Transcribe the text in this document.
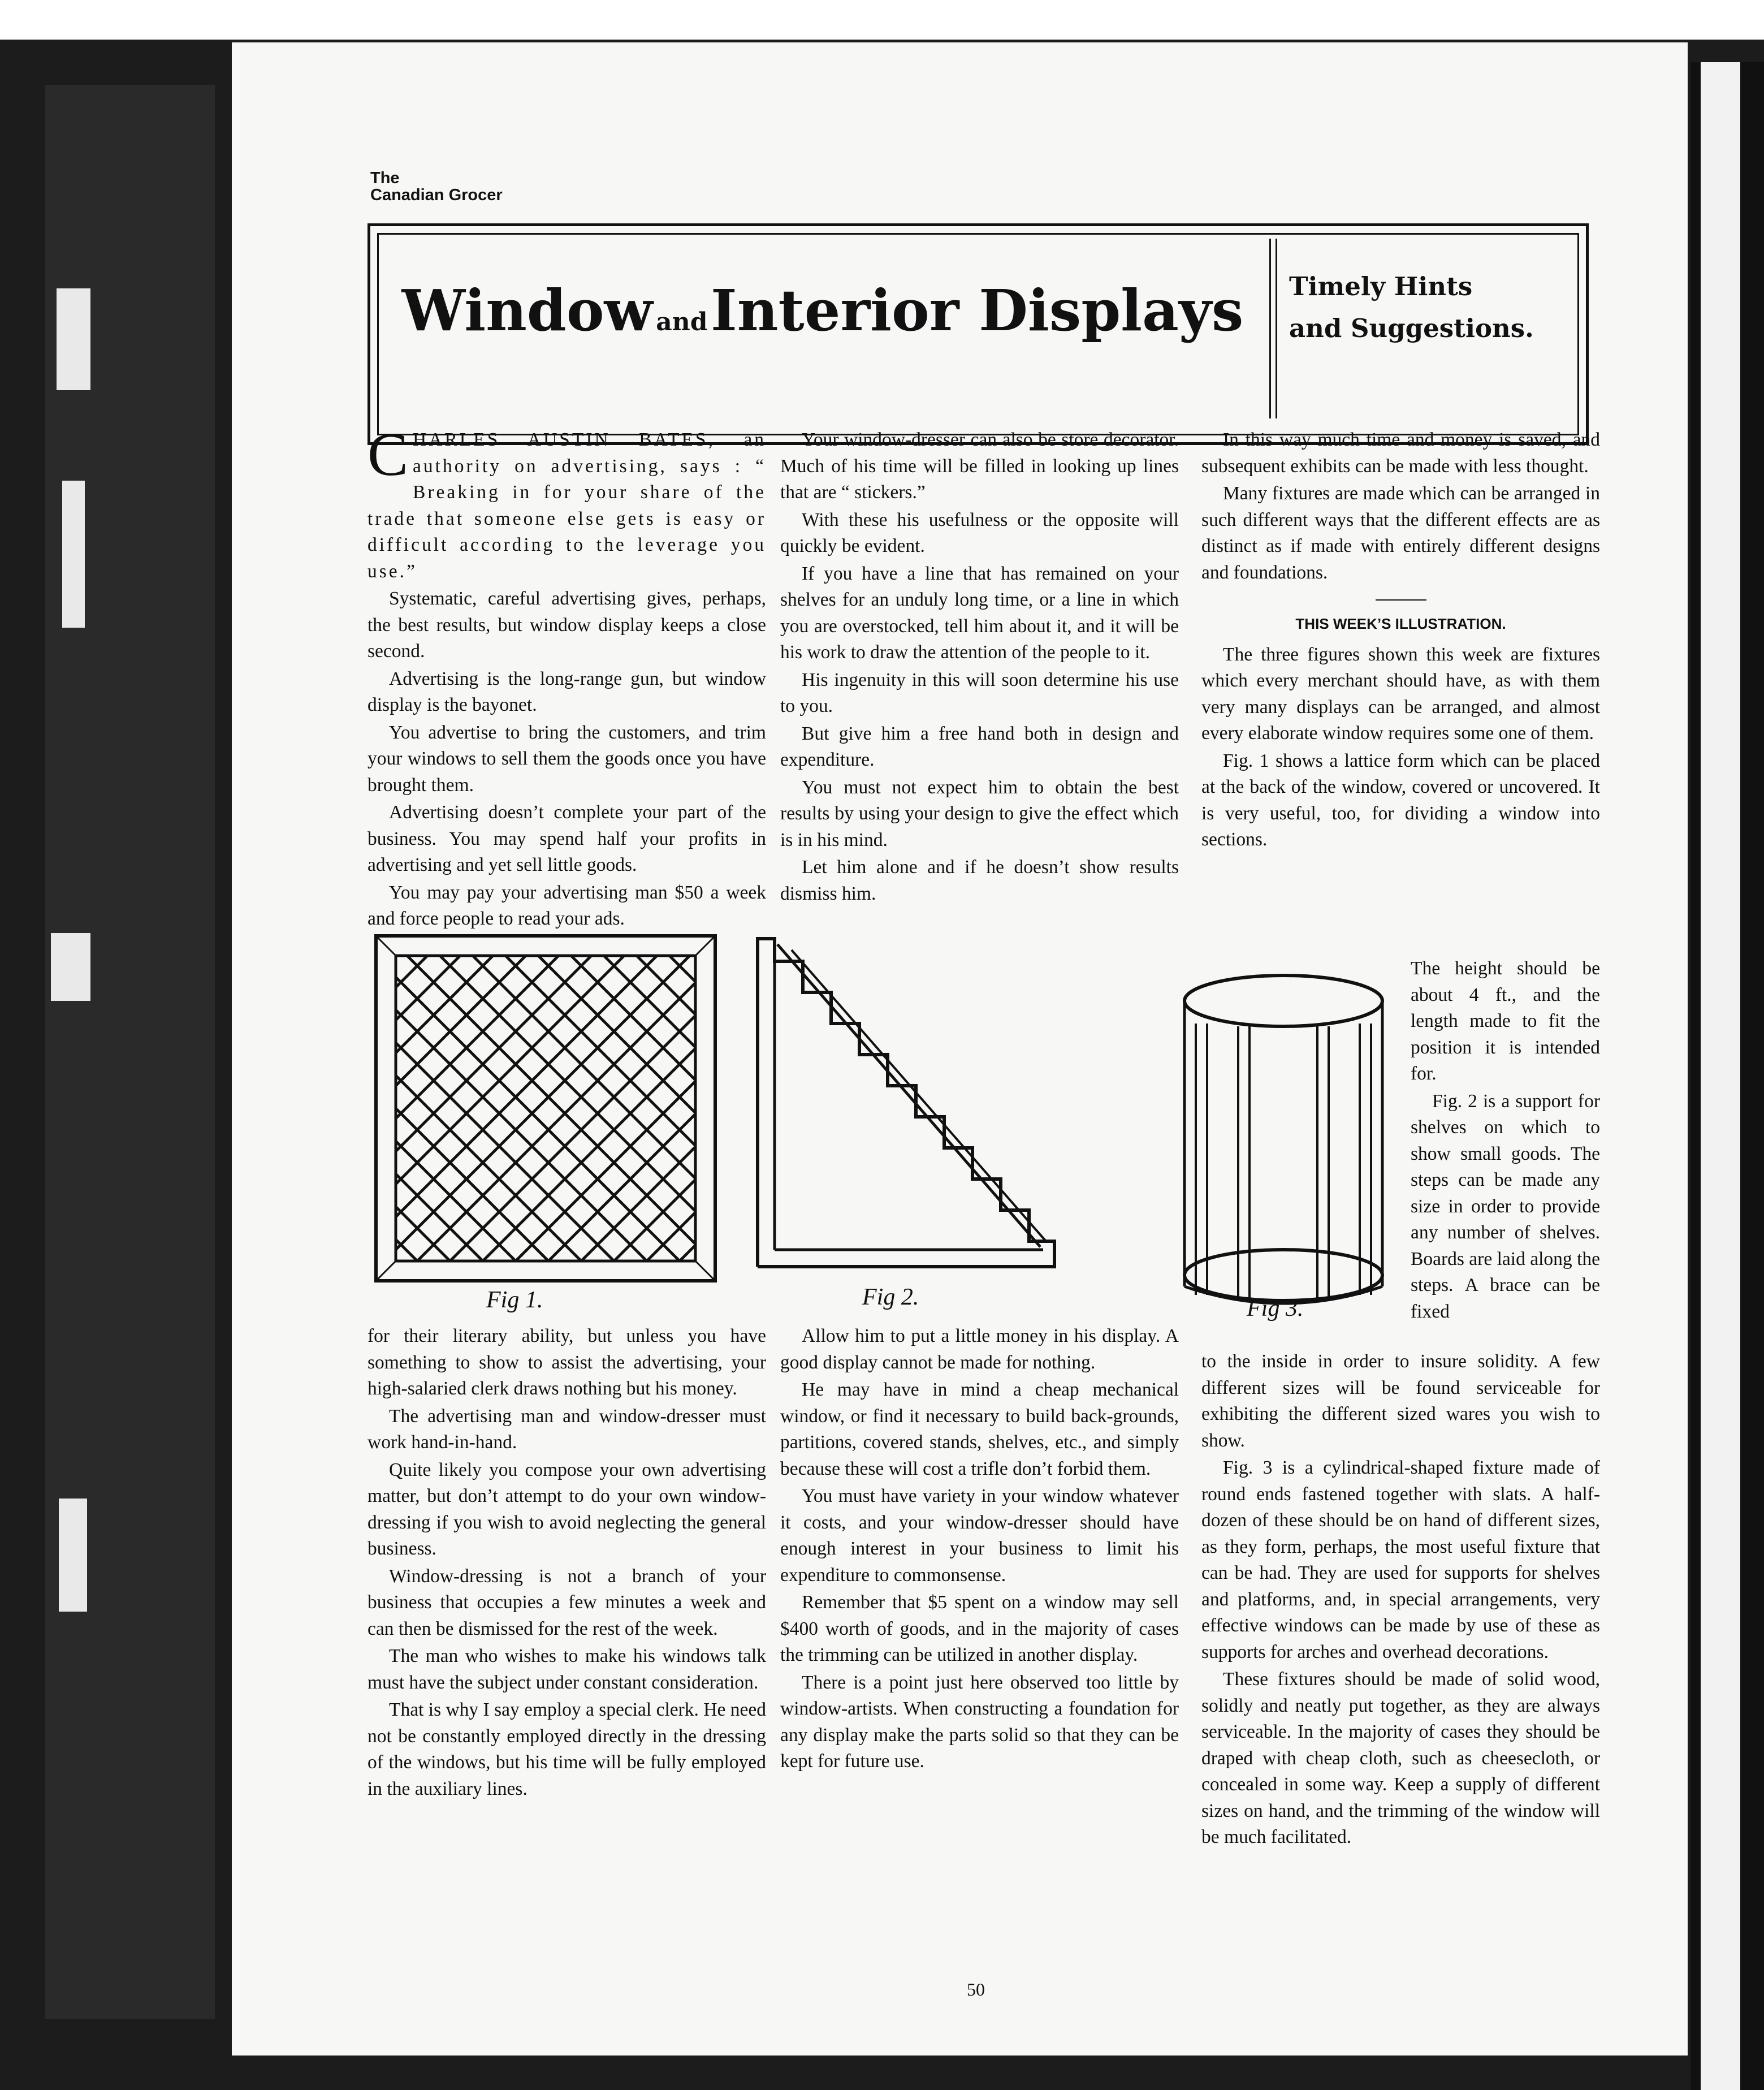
The
Canadian Grocer
Window and Interior Displays	Timely Hints
and Suggestions.

CHARLES AUSTIN BATES, an authority on advertising, says : “ Breaking in for your share of the trade that someone else gets is easy or difficult according to the leverage you use.”

Systematic, careful advertising gives, perhaps, the best results, but window display keeps a close second.

Advertising is the long-range gun, but window display is the bayonet.

You advertise to bring the customers, and trim your windows to sell them the goods once you have brought them.

Advertising doesn’t complete your part of the business. You may spend half your profits in advertising and yet sell little goods.

You may pay your advertising man $50 a week and force people to read your ads.

Your window-dresser can also be store decorator. Much of his time will be filled in looking up lines that are “ stickers.”

With these his usefulness or the opposite will quickly be evident.

If you have a line that has remained on your shelves for an unduly long time, or a line in which you are overstocked, tell him about it, and it will be his work to draw the attention of the people to it.

His ingenuity in this will soon determine his use to you.

But give him a free hand both in design and expenditure.

You must not expect him to obtain the best results by using your design to give the effect which is in his mind.

Let him alone and if he doesn’t show results dismiss him.

In this way much time and money is saved, and subsequent exhibits can be made with less thought.

Many fixtures are made which can be arranged in such different ways that the different effects are as distinct as if made with entirely different designs and foundations.

THIS WEEK’S ILLUSTRATION.

The three figures shown this week are fixtures which every merchant should have, as with them very many displays can be arranged, and almost every elaborate window requires some one of them.

Fig. 1 shows a lattice form which can be placed at the back of the window, covered or uncovered. It is very useful, too, for dividing a window into sections.

The height should be about 4 ft., and the length made to fit the position it is intended for.

Fig. 2 is a support for shelves on which to show small goods. The steps can be made any size in order to provide any number of shelves. Boards are laid along the steps. A brace can be fixed

Fig 1.	Fig 2.	Fig 3.

for their literary ability, but unless you have something to show to assist the advertising, your high-salaried clerk draws nothing but his money.

The advertising man and window-dresser must work hand-in-hand.

Quite likely you compose your own advertising matter, but don’t attempt to do your own window-dressing if you wish to avoid neglecting the general business.

Window-dressing is not a branch of your business that occupies a few minutes a week and can then be dismissed for the rest of the week.

The man who wishes to make his windows talk must have the subject under constant consideration.

That is why I say employ a special clerk. He need not be constantly employed directly in the dressing of the windows, but his time will be fully employed in the auxiliary lines.

Allow him to put a little money in his display. A good display cannot be made for nothing.

He may have in mind a cheap mechanical window, or find it necessary to build back-grounds, partitions, covered stands, shelves, etc., and simply because these will cost a trifle don’t forbid them.

You must have variety in your window whatever it costs, and your window-dresser should have enough interest in your business to limit his expenditure to commonsense.

Remember that $5 spent on a window may sell $400 worth of goods, and in the majority of cases the trimming can be utilized in another display.

There is a point just here observed too little by window-artists. When constructing a foundation for any display make the parts solid so that they can be kept for future use.

to the inside in order to insure solidity. A few different sizes will be found serviceable for exhibiting the different sized wares you wish to show.

Fig. 3 is a cylindrical-shaped fixture made of round ends fastened together with slats. A half-dozen of these should be on hand of different sizes, as they form, perhaps, the most useful fixture that can be had. They are used for supports for shelves and platforms, and, in special arrangements, very effective windows can be made by use of these as supports for arches and overhead decorations.

These fixtures should be made of solid wood, solidly and neatly put together, as they are always serviceable. In the majority of cases they should be draped with cheap cloth, such as cheesecloth, or concealed in some way. Keep a supply of different sizes on hand, and the trimming of the window will be much facilitated.

50
